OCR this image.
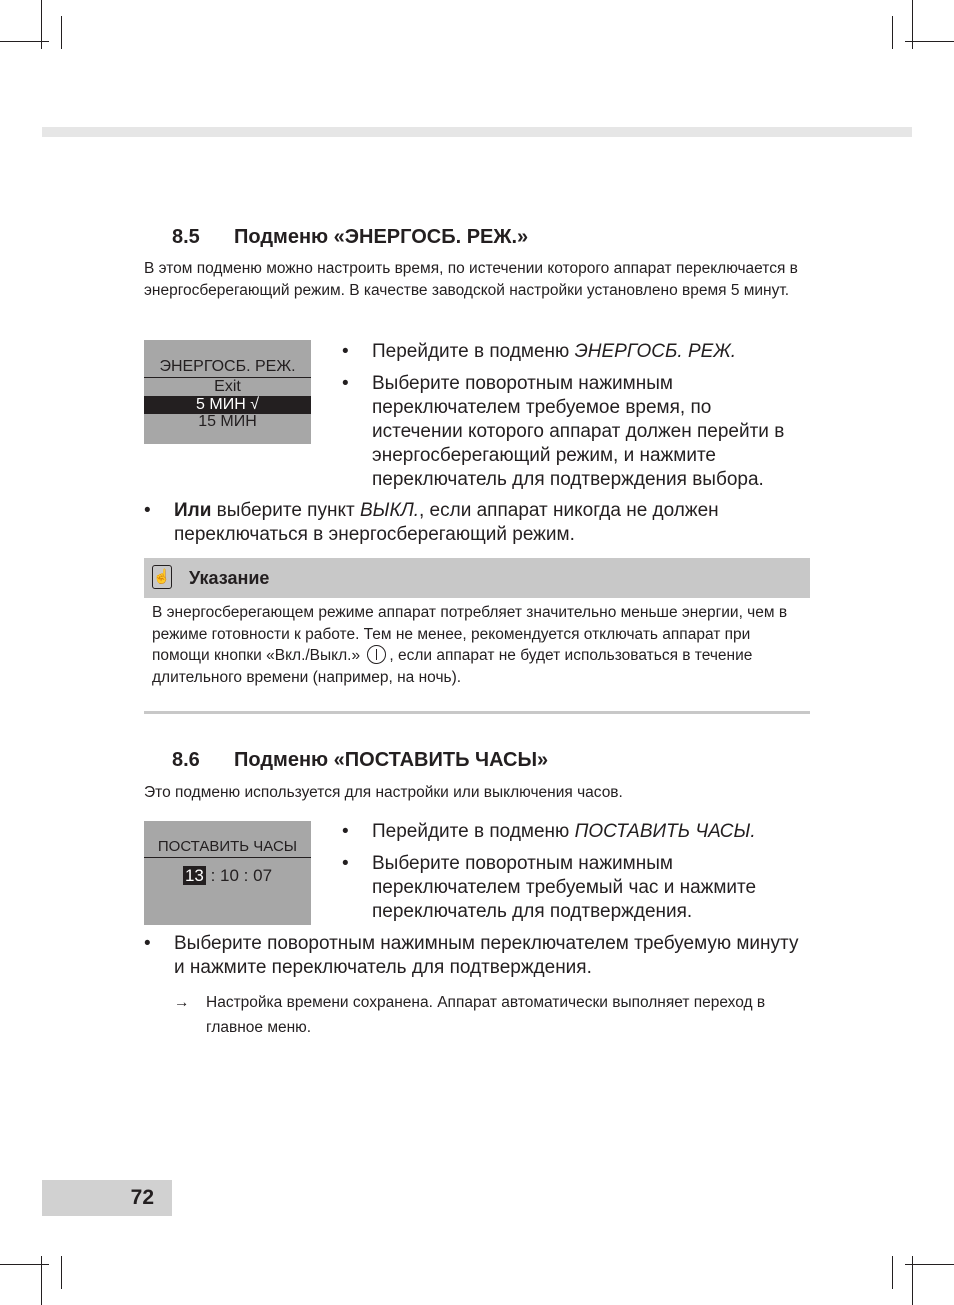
8.5 Подменю «ЭНЕРГОСБ. РЕЖ.»

В этом подменю можно настроить время, по истечении которого аппарат переключается в энергосберегающий режим. В качестве заводской настройки установлено время 5 минут.

ЭНЕРГОСБ. РЕЖ.
Exit
5 МИН √
15 МИН
• Перейдите в подменю ЭНЕРГОСБ. РЕЖ.
• Выберите поворотным нажимным переключателем требуемое время, по истечении которого аппарат должен перейти в энергосберегающий режим, и нажмите переключатель для подтверждения выбора.
• Или выберите пункт ВЫКЛ., если аппарат никогда не должен переключаться в энергосберегающий режим.
☝ Указание

В энергосберегающем режиме аппарат потребляет значительно меньше энергии, чем в режиме готовности к работе. Тем не менее, рекомендуется отключать аппарат при помощи кнопки «Вкл./Выкл.» , если аппарат не будет использоваться в течение длительного времени (например, на ночь).

8.6 Подменю «ПОСТАВИТЬ ЧАСЫ»

Это подменю используется для настройки или выключения часов.

ПОСТАВИТЬ ЧАСЫ
13 : 10 : 07
• Перейдите в подменю ПОСТАВИТЬ ЧАСЫ.
• Выберите поворотным нажимным переключателем требуемый час и нажмите переключатель для подтверждения.
• Выберите поворотным нажимным переключателем требуемую минуту и нажмите переключатель для подтверждения.

→	Настройка времени сохранена. Аппарат автоматически выполняет переход в главное меню.

72
